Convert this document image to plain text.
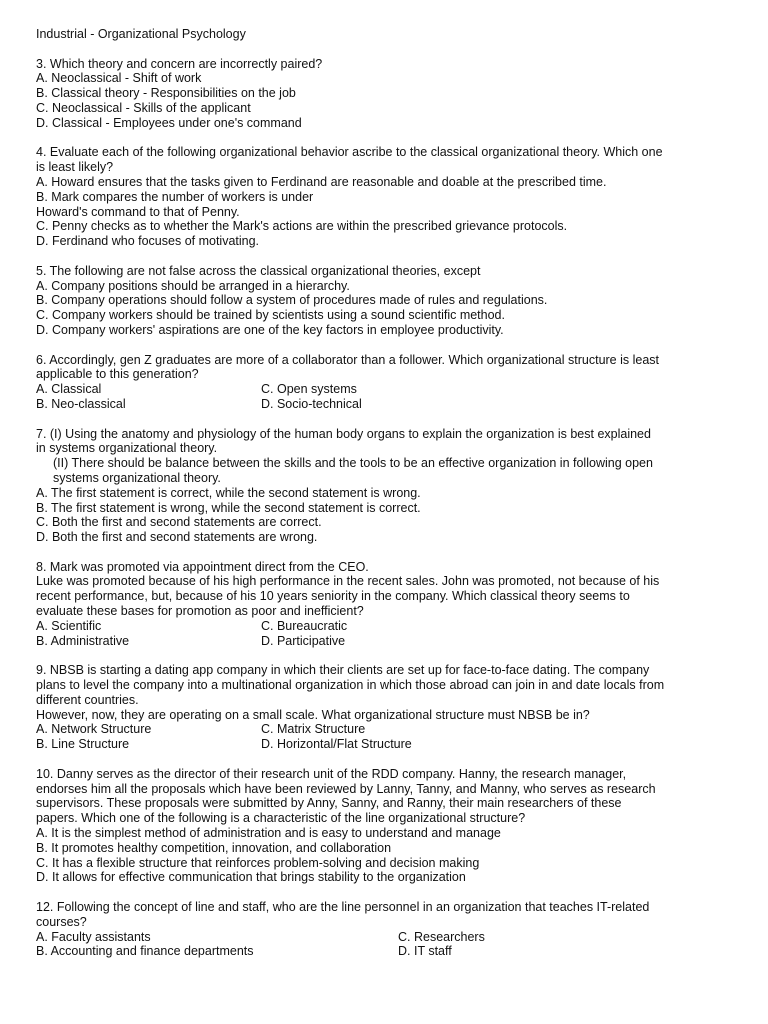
Industrial - Organizational Psychology
3. Which theory and concern are incorrectly paired?
A. Neoclassical - Shift of work
B. Classical theory - Responsibilities on the job
C. Neoclassical - Skills of the applicant
D. Classical - Employees under one's command
4. Evaluate each of the following organizational behavior ascribe to the classical organizational theory. Which one
is least likely?
A. Howard ensures that the tasks given to Ferdinand are reasonable and doable at the prescribed time.
B. Mark compares the number of workers is under
Howard's command to that of Penny.
C. Penny checks as to whether the Mark's actions are within the prescribed grievance protocols.
D. Ferdinand who focuses of motivating.
5. The following are not false across the classical organizational theories, except
A. Company positions should be arranged in a hierarchy.
B. Company operations should follow a system of procedures made of rules and regulations.
C. Company workers should be trained by scientists using a sound scientific method.
D. Company workers' aspirations are one of the key factors in employee productivity.
6. Accordingly, gen Z graduates are more of a collaborator than a follower. Which organizational structure is least
applicable to this generation?
A. Classical	C. Open systems
B. Neo-classical	D. Socio-technical
7. (I) Using the anatomy and physiology of the human body organs to explain the organization is best explained
in systems organizational theory.
(II) There should be balance between the skills and the tools to be an effective organization in following open
systems organizational theory.
A. The first statement is correct, while the second statement is wrong.
B. The first statement is wrong, while the second statement is correct.
C. Both the first and second statements are correct.
D. Both the first and second statements are wrong.
8. Mark was promoted via appointment direct from the CEO.
Luke was promoted because of his high performance in the recent sales. John was promoted, not because of his
recent performance, but, because of his 10 years seniority in the company. Which classical theory seems to
evaluate these bases for promotion as poor and inefficient?
A. Scientific	C. Bureaucratic
B. Administrative	D. Participative
9. NBSB is starting a dating app company in which their clients are set up for face-to-face dating. The company
plans to level the company into a multinational organization in which those abroad can join in and date locals from
different countries.
However, now, they are operating on a small scale. What organizational structure must NBSB be in?
A. Network Structure	C. Matrix Structure
B. Line Structure	D. Horizontal/Flat Structure
10. Danny serves as the director of their research unit of the RDD company. Hanny, the research manager,
endorses him all the proposals which have been reviewed by Lanny, Tanny, and Manny, who serves as research
supervisors. These proposals were submitted by Anny, Sanny, and Ranny, their main researchers of these
papers. Which one of the following is a characteristic of the line organizational structure?
A. It is the simplest method of administration and is easy to understand and manage
B. It promotes healthy competition, innovation, and collaboration
C. It has a flexible structure that reinforces problem-solving and decision making
D. It allows for effective communication that brings stability to the organization
12. Following the concept of line and staff, who are the line personnel in an organization that teaches IT-related
courses?
A. Faculty assistants	C. Researchers
B. Accounting and finance departments	D. IT staff
